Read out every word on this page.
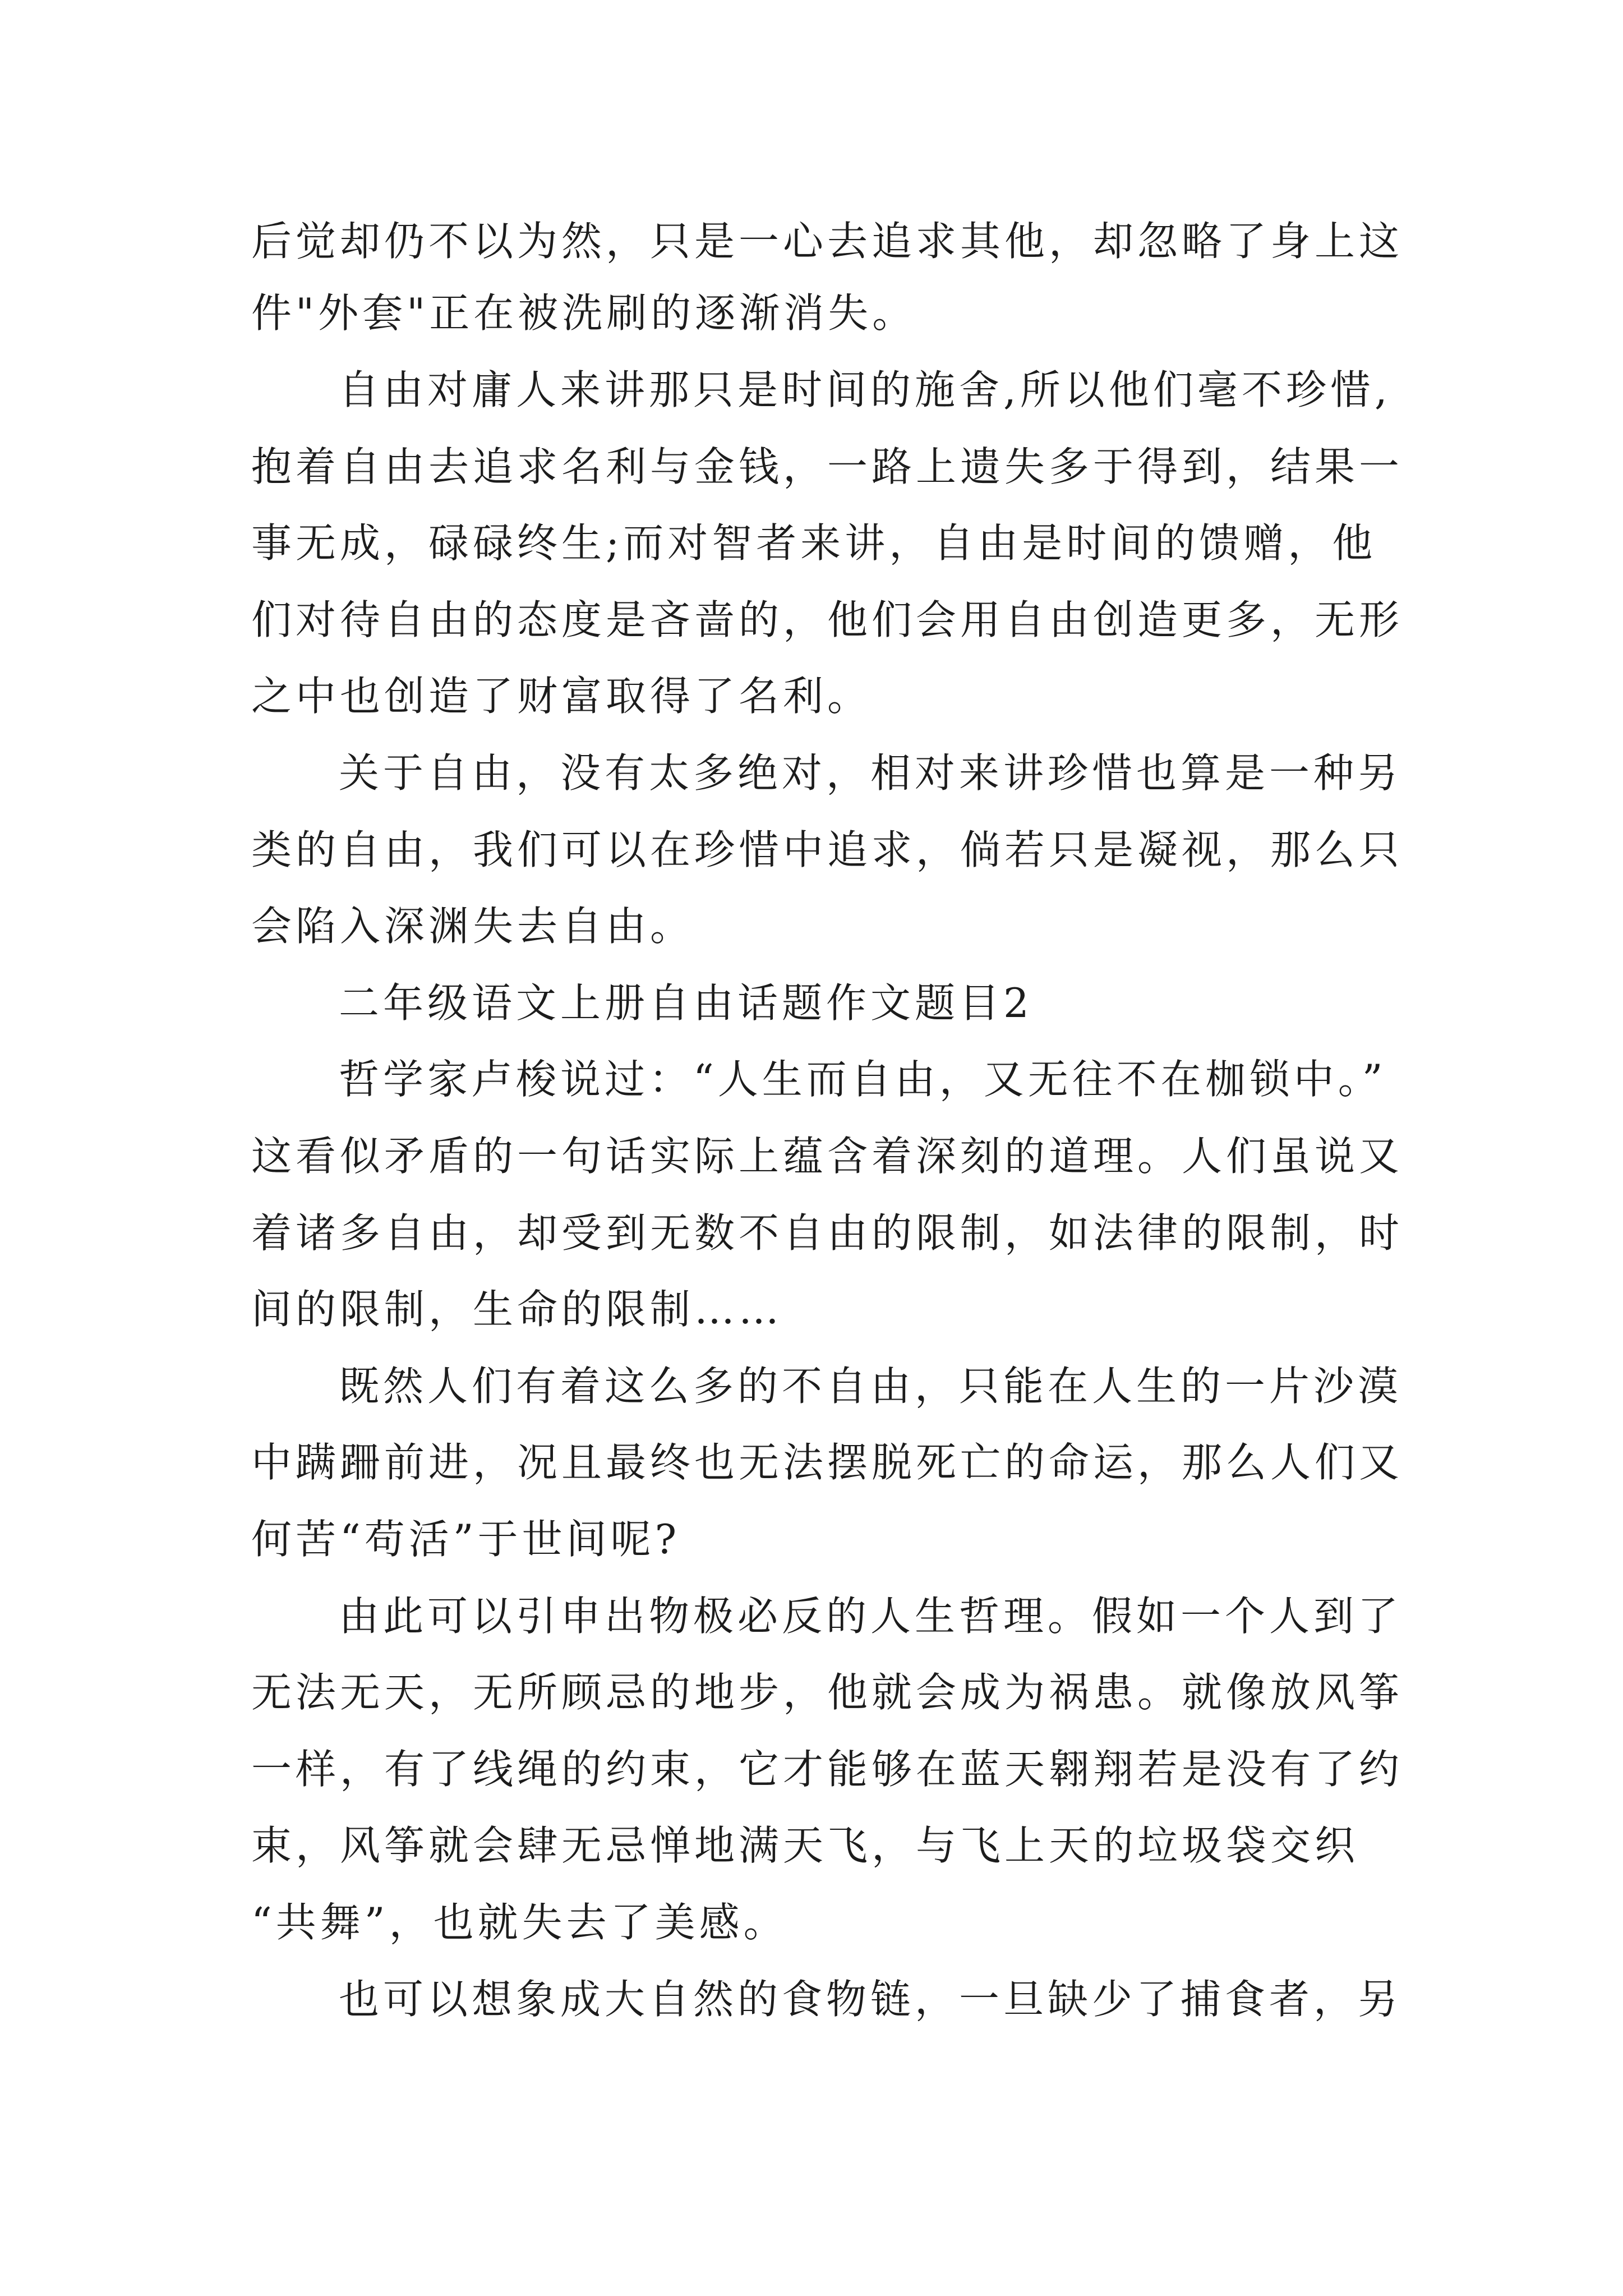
后觉却仍不以为然，只是一心去追求其他，却忽略了身上这

件"外套"正在被洗刷的逐渐消失。

自由对庸人来讲那只是时间的施舍,所以他们毫不珍惜,

抱着自由去追求名利与金钱，一路上遗失多于得到，结果一

事无成，碌碌终生;而对智者来讲，自由是时间的馈赠，他

们对待自由的态度是吝啬的，他们会用自由创造更多，无形

之中也创造了财富取得了名利。

关于自由，没有太多绝对，相对来讲珍惜也算是一种另

类的自由，我们可以在珍惜中追求，倘若只是凝视，那么只

会陷入深渊失去自由。

二年级语文上册自由话题作文题目2

哲学家卢梭说过：“人生而自由，又无往不在枷锁中。”

这看似矛盾的一句话实际上蕴含着深刻的道理。人们虽说又

着诸多自由，却受到无数不自由的限制，如法律的限制，时

间的限制，生命的限制……

既然人们有着这么多的不自由，只能在人生的一片沙漠

中蹒跚前进，况且最终也无法摆脱死亡的命运，那么人们又

何苦“苟活”于世间呢?

由此可以引申出物极必反的人生哲理。假如一个人到了

无法无天，无所顾忌的地步，他就会成为祸患。就像放风筝

一样，有了线绳的约束，它才能够在蓝天翱翔若是没有了约

束，风筝就会肆无忌惮地满天飞，与飞上天的垃圾袋交织

“共舞”，也就失去了美感。

也可以想象成大自然的食物链，一旦缺少了捕食者，另
